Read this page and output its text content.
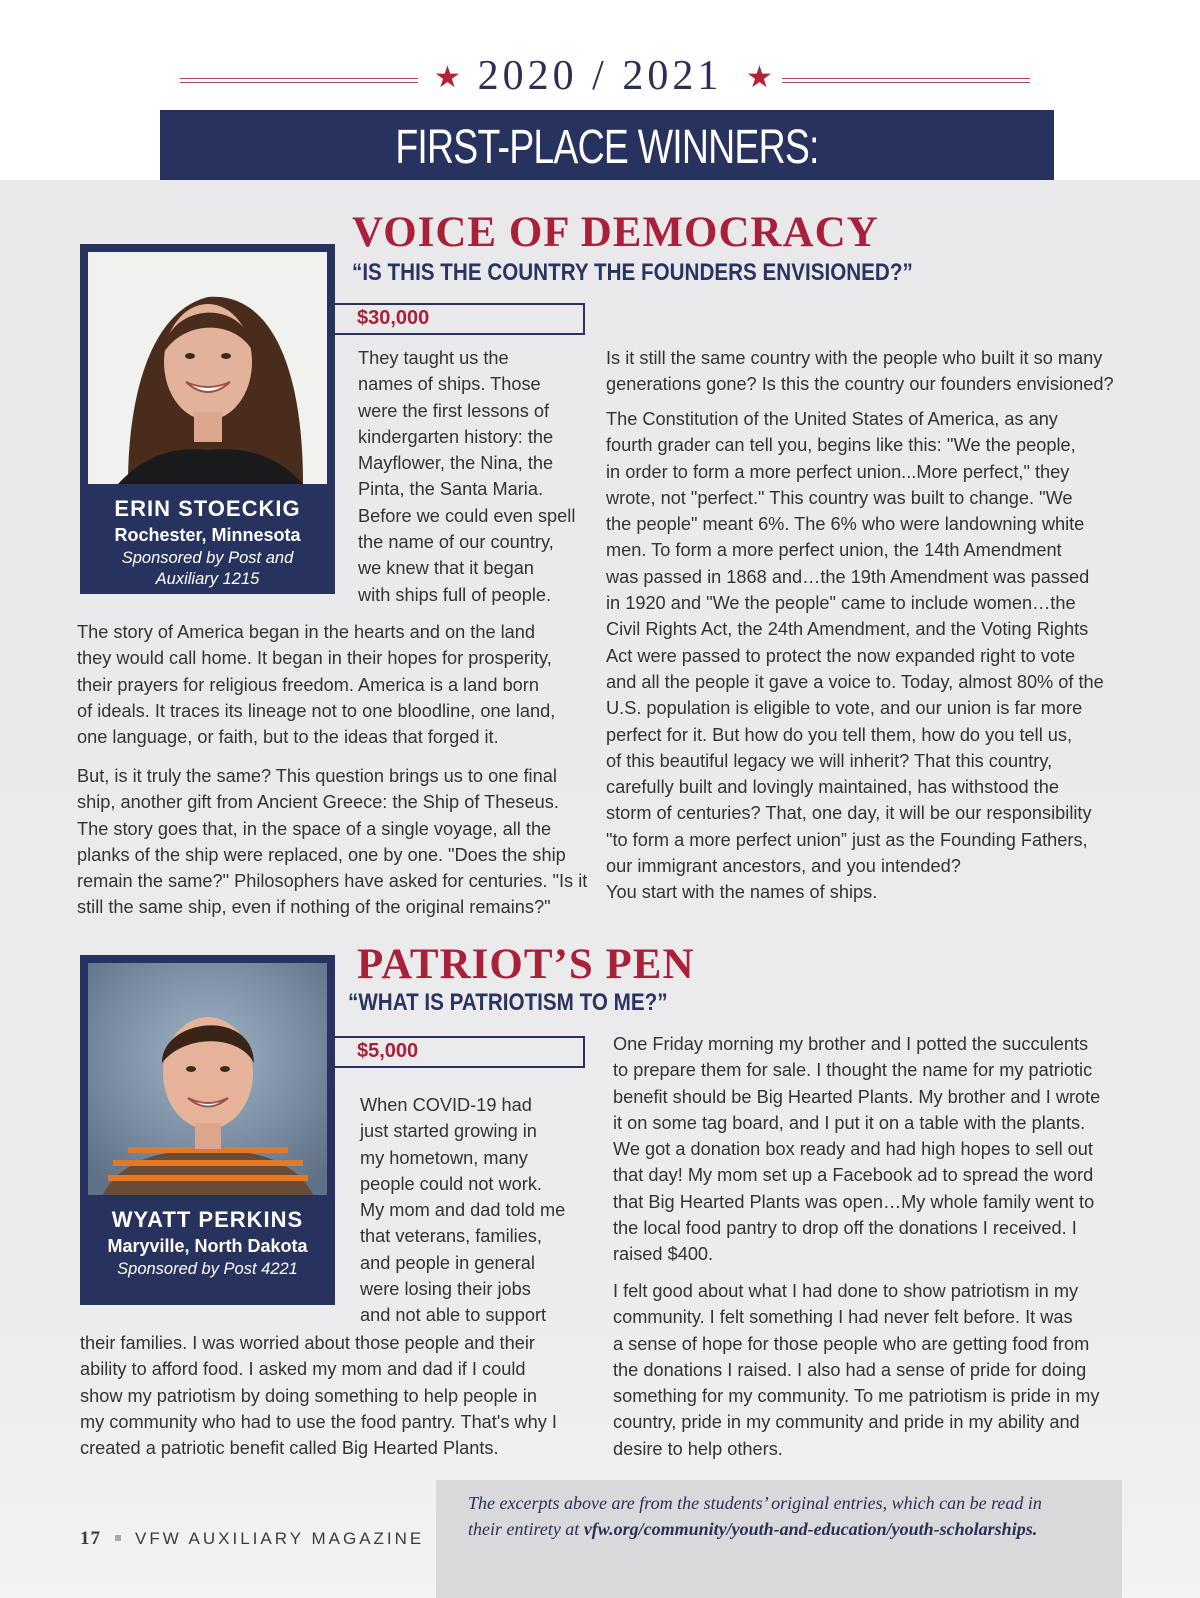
★ 2020 / 2021 ★
FIRST-PLACE WINNERS:
VOICE OF DEMOCRACY
“IS THIS THE COUNTRY THE FOUNDERS ENVISIONED?”
ERIN STOECKIG
Rochester, Minnesota
Sponsored by Post and
Auxiliary 1215
$30,000
They taught us the
names of ships. Those
were the first lessons of
kindergarten history: the
Mayflower, the Nina, the
Pinta, the Santa Maria.
Before we could even spell
the name of our country,
we knew that it began
with ships full of people.
The story of America began in the hearts and on the land
they would call home. It began in their hopes for prosperity,
their prayers for religious freedom. America is a land born
of ideals. It traces its lineage not to one bloodline, one land,
one language, or faith, but to the ideas that forged it.
But, is it truly the same? This question brings us to one final
ship, another gift from Ancient Greece: the Ship of Theseus.
The story goes that, in the space of a single voyage, all the
planks of the ship were replaced, one by one. "Does the ship
remain the same?" Philosophers have asked for centuries. "Is it
still the same ship, even if nothing of the original remains?"
Is it still the same country with the people who built it so many
generations gone? Is this the country our founders envisioned?
The Constitution of the United States of America, as any
fourth grader can tell you, begins like this: ''We the people,
in order to form a more perfect union...More perfect," they
wrote, not "perfect." This country was built to change. "We
the people" meant 6%. The 6% who were landowning white
men. To form a more perfect union, the 14th Amendment
was passed in 1868 and…the 19th Amendment was passed
in 1920 and "We the people" came to include women…the
Civil Rights Act, the 24th Amendment, and the Voting Rights
Act were passed to protect the now expanded right to vote
and all the people it gave a voice to. Today, almost 80% of the
U.S. population is eligible to vote, and our union is far more
perfect for it. But how do you tell them, how do you tell us,
of this beautiful legacy we will inherit? That this country,
carefully built and lovingly maintained, has withstood the
storm of centuries? That, one day, it will be our responsibility
"to form a more perfect union” just as the Founding Fathers,
our immigrant ancestors, and you intended?
You start with the names of ships.
PATRIOT’S PEN
“WHAT IS PATRIOTISM TO ME?”
WYATT PERKINS
Maryville, North Dakota
Sponsored by Post 4221
$5,000
When COVID-19 had
just started growing in
my hometown, many
people could not work.
My mom and dad told me
that veterans, families,
and people in general
were losing their jobs
and not able to support
their families. I was worried about those people and their
ability to afford food. I asked my mom and dad if I could
show my patriotism by doing something to help people in
my community who had to use the food pantry. That's why I
created a patriotic benefit called Big Hearted Plants.
One Friday morning my brother and I potted the succulents
to prepare them for sale. I thought the name for my patriotic
benefit should be Big Hearted Plants. My brother and I wrote
it on some tag board, and I put it on a table with the plants.
We got a donation box ready and had high hopes to sell out
that day! My mom set up a Facebook ad to spread the word
that Big Hearted Plants was open…My whole family went to
the local food pantry to drop off the donations I received. I
raised $400.
I felt good about what I had done to show patriotism in my
community. I felt something I had never felt before. It was
a sense of hope for those people who are getting food from
the donations I raised. I also had a sense of pride for doing
something for my community. To me patriotism is pride in my
country, pride in my community and pride in my ability and
desire to help others.
The excerpts above are from the students’ original entries, which can be read in
their entirety at vfw.org/community/youth-and-education/youth-scholarships.
17 VFW AUXILIARY MAGAZINE
